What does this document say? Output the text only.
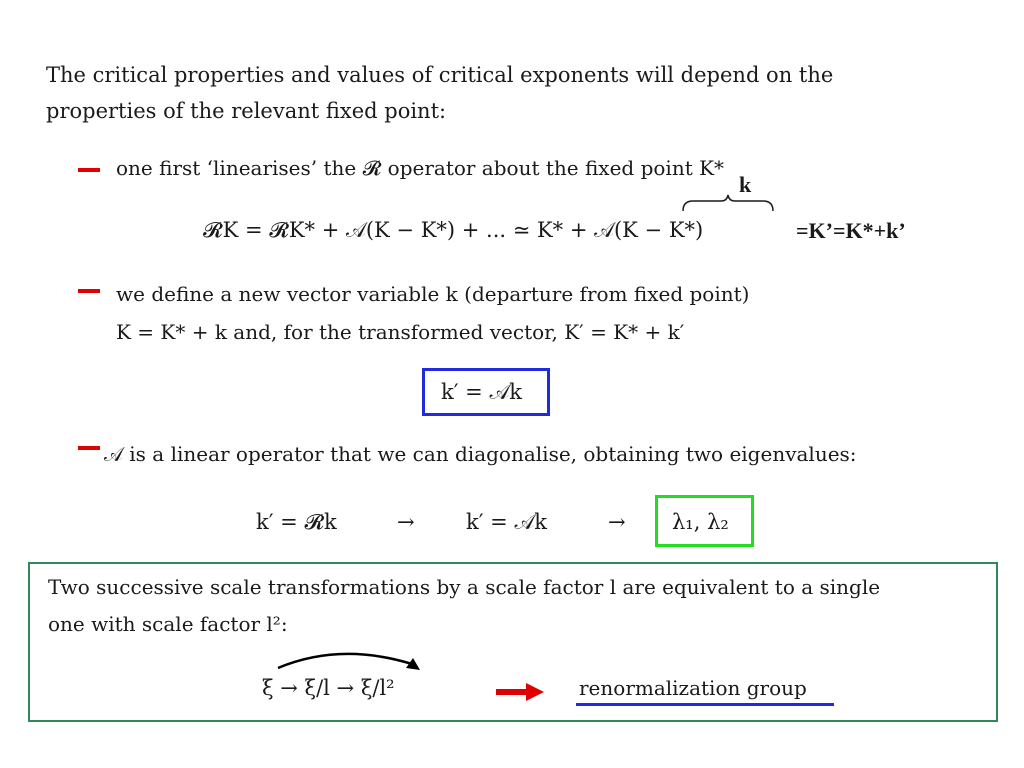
The critical properties and values of critical exponents will depend on the
properties of the relevant fixed point:
one first ‘linearises’ the 𝓡 operator about the fixed point K*
k
𝓡K = 𝓡K* + 𝒜(K − K*) + ... ≃ K* + 𝒜(K − K*)	=K’=K*+k’
we define a new vector variable k (departure from fixed point)
K = K* + k and, for the transformed vector, K′ = K* + k′
k′ = 𝒜k
𝒜 is a linear operator that we can diagonalise, obtaining two eigenvalues:
k′ = 𝓡k	→ k′ = 𝒜k	→ λ₁, λ₂
Two successive scale transformations by a scale factor l are equivalent to a single
one with scale factor l²:
ξ → ξ/l → ξ/l²	renormalization group
